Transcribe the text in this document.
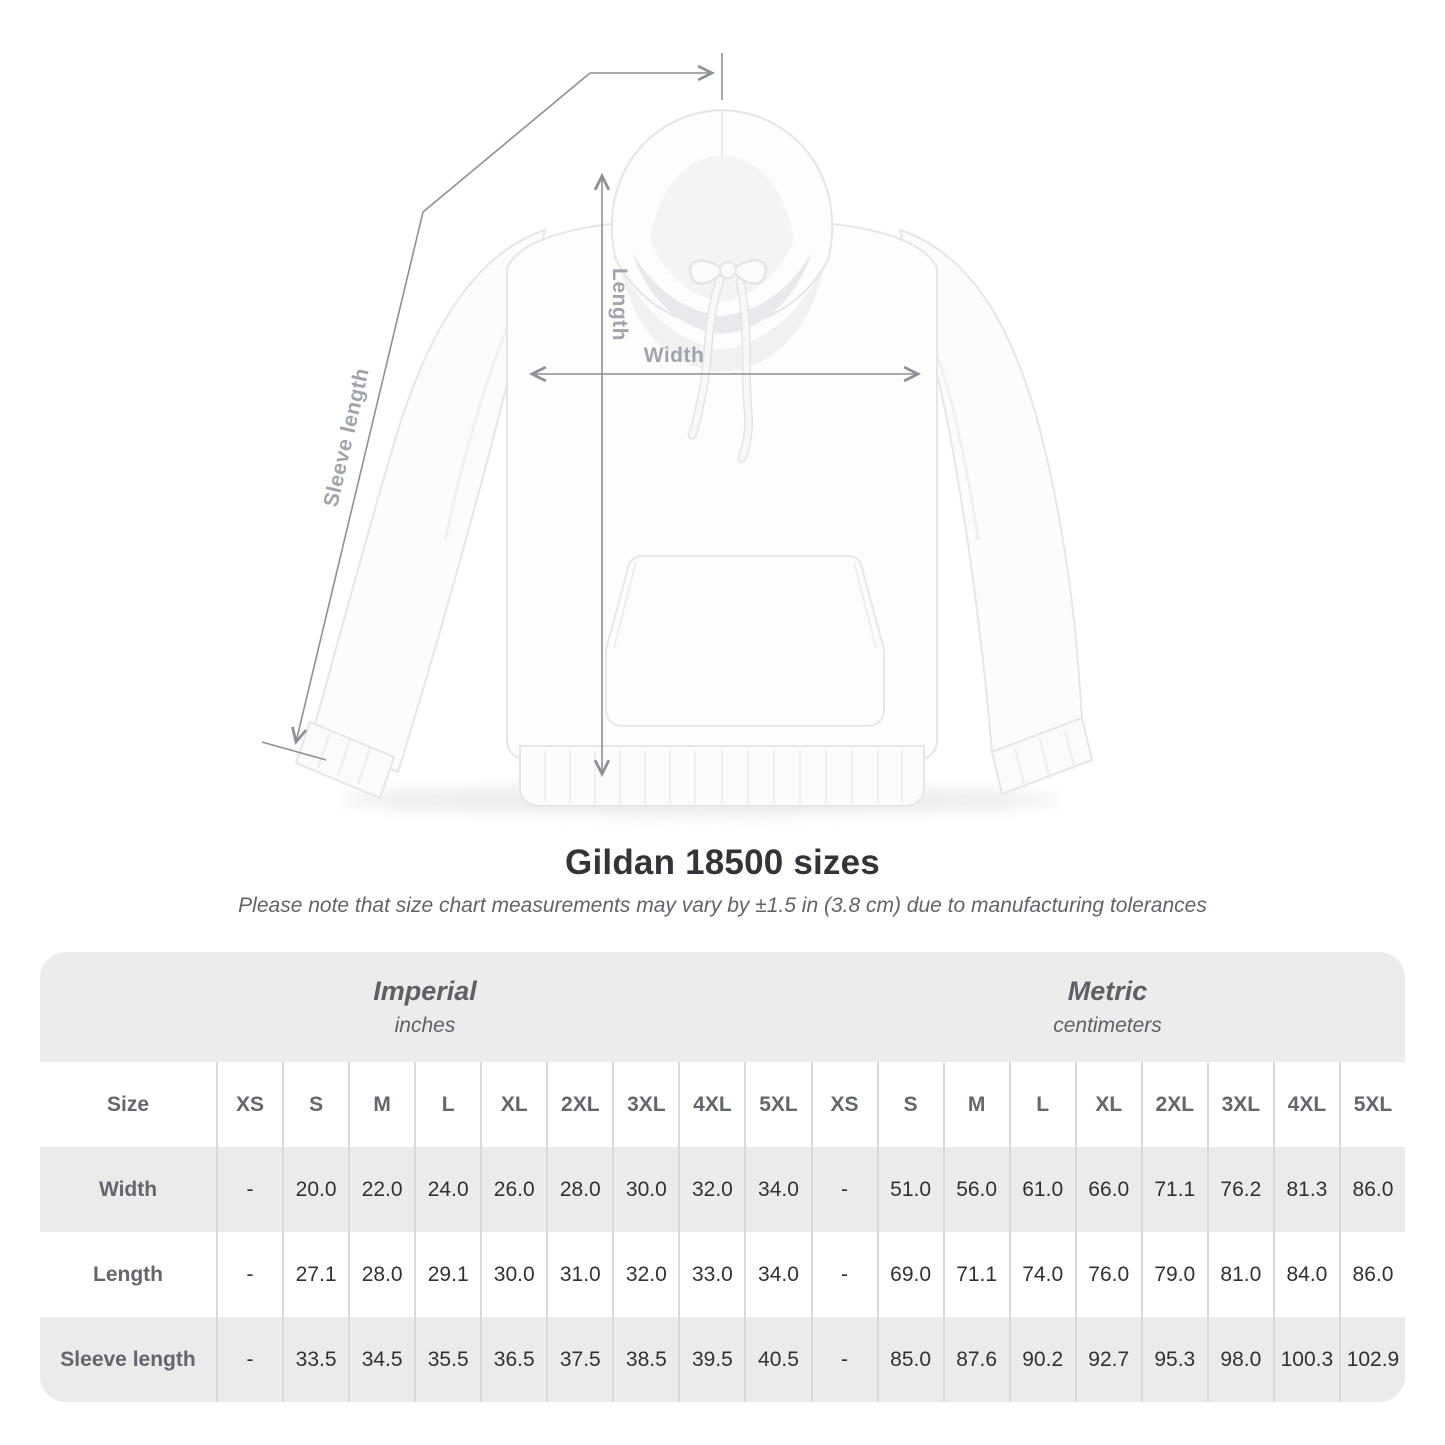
Length
Width
Sleeve length
Gildan 18500 sizes
Please note that size chart measurements may vary by ±1.5 in (3.8 cm) due to manufacturing tolerances
Imperial
inches
Metric
centimeters
Size	XS	S	M	L	XL	2XL	3XL	4XL	5XL	XS	S	M	L	XL	2XL	3XL	4XL	5XL
Width	-	20.0	22.0	24.0	26.0	28.0	30.0	32.0	34.0	-	51.0	56.0	61.0	66.0	71.1	76.2	81.3	86.0
Length	-	27.1	28.0	29.1	30.0	31.0	32.0	33.0	34.0	-	69.0	71.1	74.0	76.0	79.0	81.0	84.0	86.0
Sleeve length	-	33.5	34.5	35.5	36.5	37.5	38.5	39.5	40.5	-	85.0	87.6	90.2	92.7	95.3	98.0 100.3 102.9
